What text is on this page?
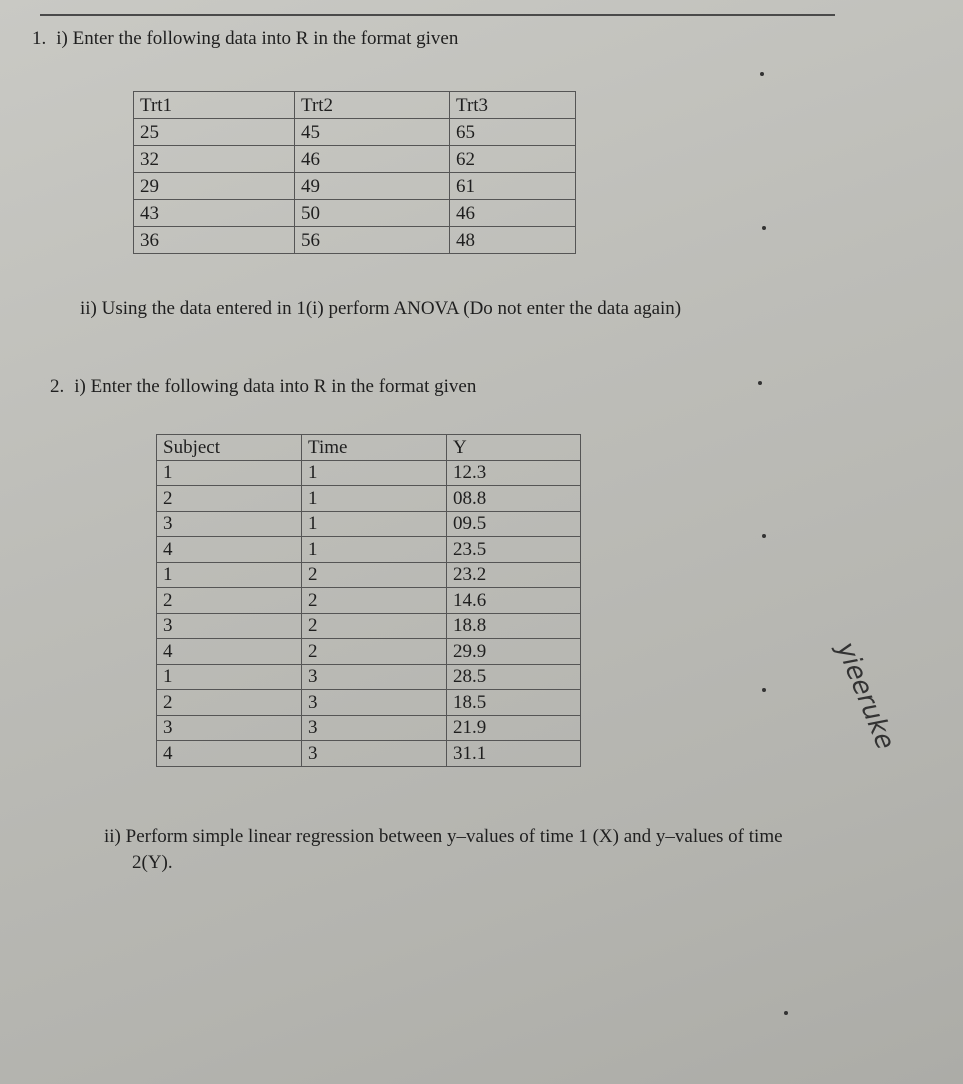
1. i) Enter the following data into R in the format given
Trt1	Trt2	Trt3
25	45	65
32	46	62
29	49	61
43	50	46
36	56	48
ii) Using the data entered in 1(i) perform ANOVA (Do not enter the data again)
2. i) Enter the following data into R in the format given
Subject	Time	Y
1	1	12.3
2	1	08.8
3	1	09.5
4	1	23.5
1	2	23.2
2	2	14.6
3	2	18.8
4	2	29.9
1	3	28.5
2	3	18.5
3	3	21.9
4	3	31.1
ii) Perform simple linear regression between y–values of time 1 (X) and y–values of time
2(Y).
yieeruke
